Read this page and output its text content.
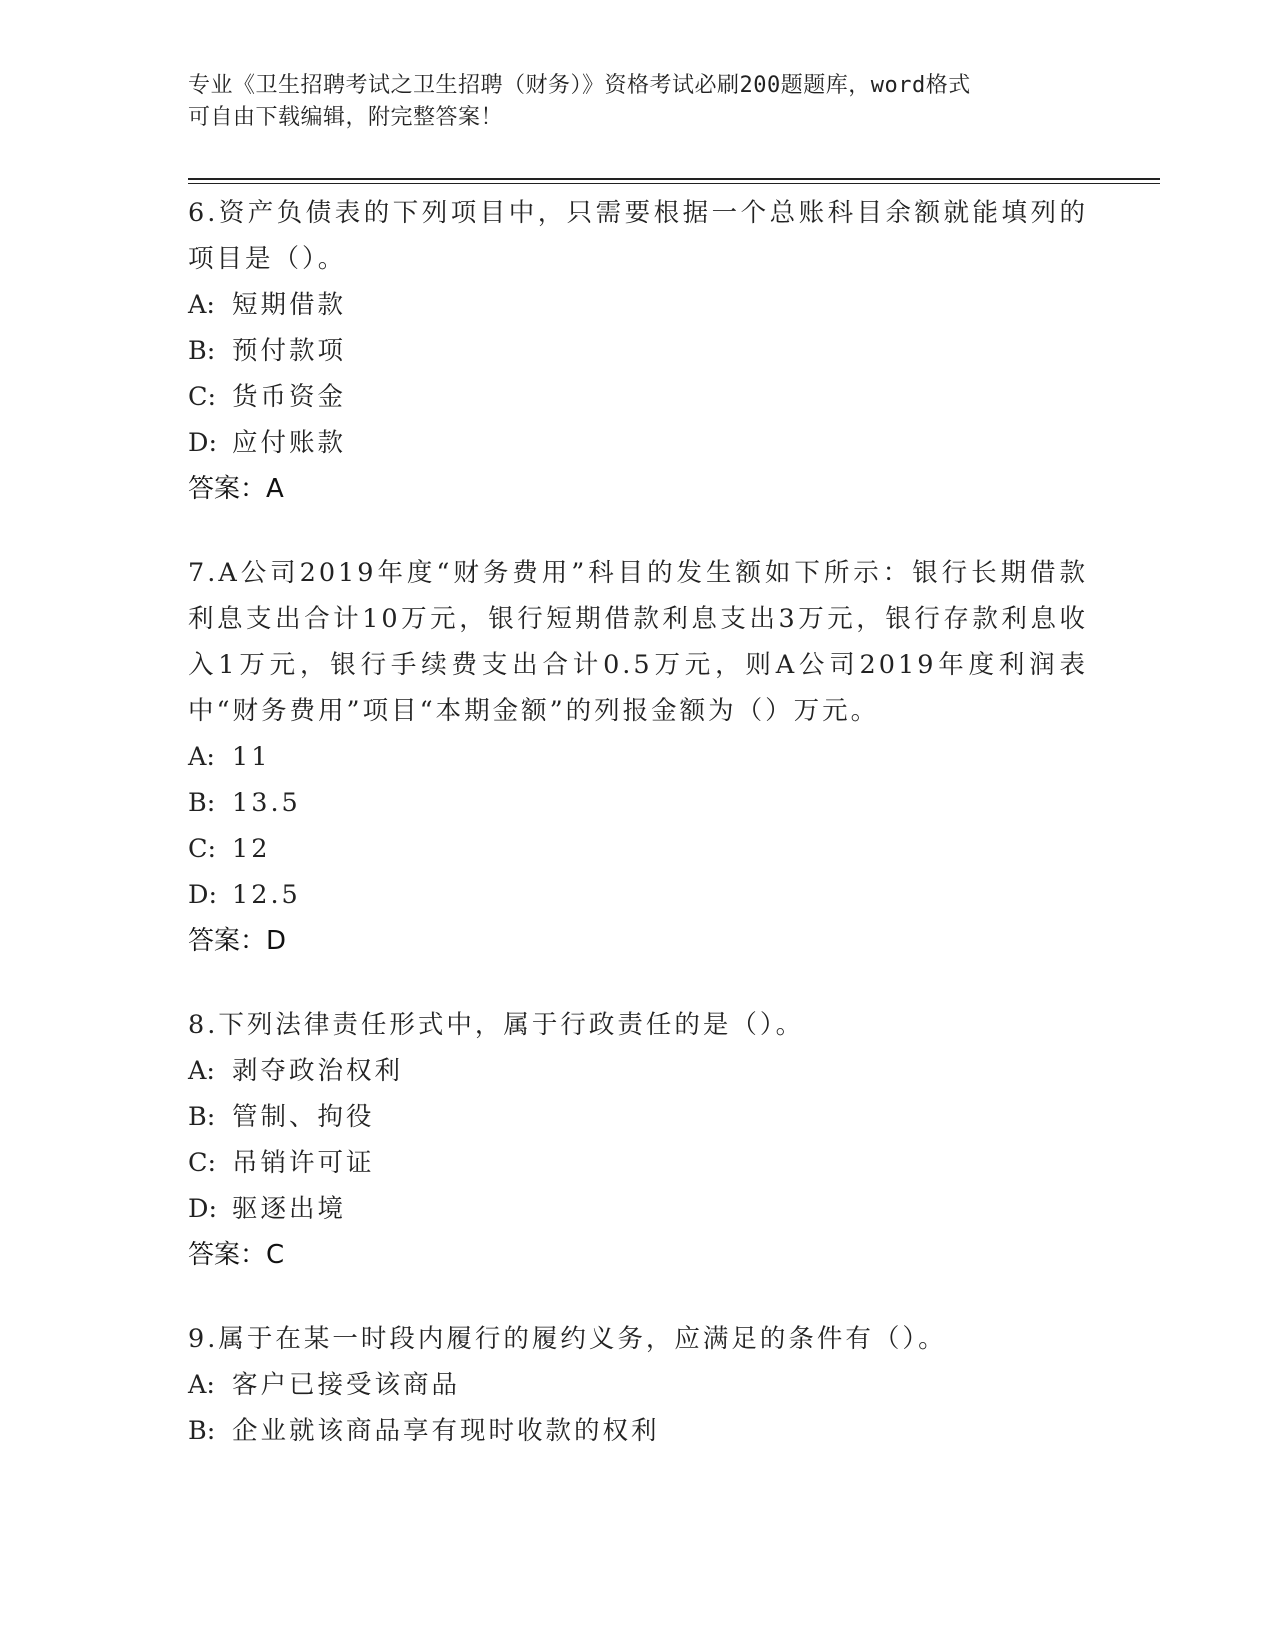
专业《卫生招聘考试之卫生招聘（财务）》资格考试必刷200题题库，word格式

可自由下载编辑，附完整答案！

6.资产负债表的下列项目中，只需要根据一个总账科目余额就能填列的项目是（）。

A: 短期借款

B: 预付款项

C: 货币资金

D: 应付账款

答案：A

7.A公司2019年度“财务费用”科目的发生额如下所示：银行长期借款利息支出合计10万元，银行短期借款利息支出3万元，银行存款利息收入1万元，银行手续费支出合计0.5万元，则A公司2019年度利润表中“财务费用”项目“本期金额”的列报金额为（）万元。

A: 11

B: 13.5

C: 12

D: 12.5

答案：D

8.下列法律责任形式中，属于行政责任的是（）。

A: 剥夺政治权利

B: 管制、拘役

C: 吊销许可证

D: 驱逐出境

答案：C

9.属于在某一时段内履行的履约义务，应满足的条件有（）。

A: 客户已接受该商品

B: 企业就该商品享有现时收款的权利
